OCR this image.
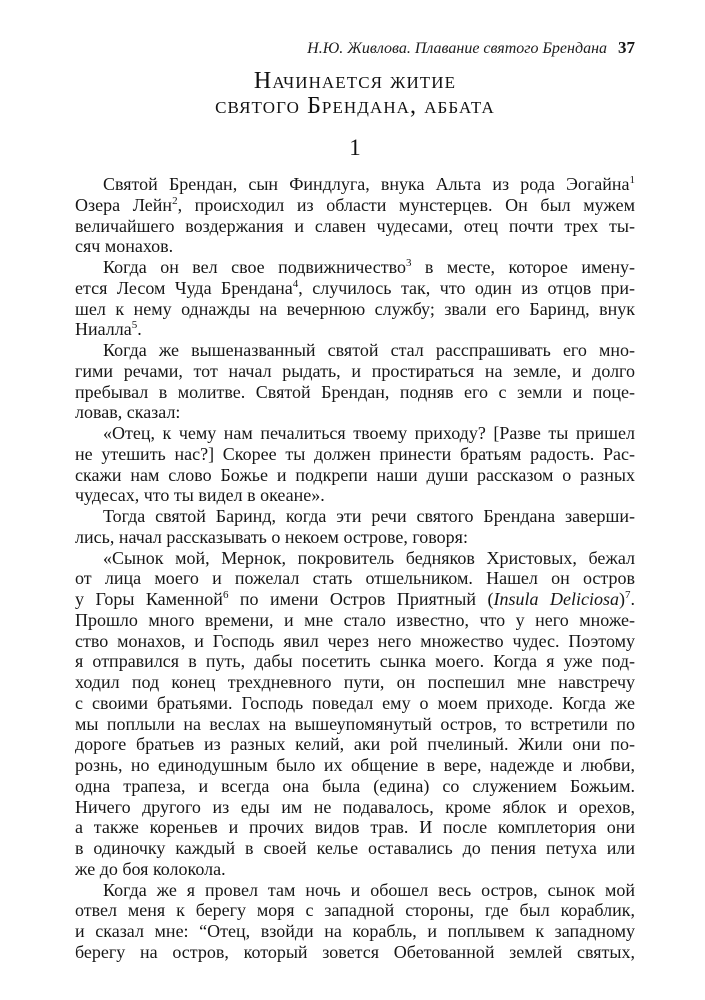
Н.Ю. Живлова. Плавание святого Брендана 37
Начинается житие
святого Брендана, аббата
1
Святой Брендан, сын Финдлуга, внука Альта из рода Эогайна$^1$
Озера Лейн$^2$, происходил из области мунстерцев. Он был мужем
величайшего воздержания и славен чудесами, отец почти трех ты-
сяч монахов.
Когда он вел свое подвижничество$^3$ в месте, которое имену-
ется Лесом Чуда Брендана$^4$, случилось так, что один из отцов при-
шел к нему однажды на вечернюю службу; звали его Баринд, внук
Ниалла$^5$.
Когда же вышеназванный святой стал расспрашивать его мно-
гими речами, тот начал рыдать, и простираться на земле, и долго
пребывал в молитве. Святой Брендан, подняв его с земли и поце-
ловав, сказал:
«Отец, к чему нам печалиться твоему приходу? [Разве ты пришел
не утешить нас?] Скорее ты должен принести братьям радость. Рас-
скажи нам слово Божье и подкрепи наши души рассказом о разных
чудесах, что ты видел в океане».
Тогда святой Баринд, когда эти речи святого Брендана заверши-
лись, начал рассказывать о некоем острове, говоря:
«Сынок мой, Мернок, покровитель бедняков Христовых, бежал
от лица моего и пожелал стать отшельником. Нашел он остров
у Горы Каменной$^6$ по имени Остров Приятный (Insula Deliciosa)$^7$.
Прошло много времени, и мне стало известно, что у него множе-
ство монахов, и Господь явил через него множество чудес. Поэтому
я отправился в путь, дабы посетить сынка моего. Когда я уже под-
ходил под конец трехдневного пути, он поспешил мне навстречу
с своими братьями. Господь поведал ему о моем приходе. Когда же
мы поплыли на веслах на вышеупомянутый остров, то встретили по
дороге братьев из разных келий, аки рой пчелиный. Жили они по-
рознь, но единодушным было их общение в вере, надежде и любви,
одна трапеза, и всегда она была (едина) со служением Божьим.
Ничего другого из еды им не подавалось, кроме яблок и орехов,
а также кореньев и прочих видов трав. И после комплетория они
в одиночку каждый в своей келье оставались до пения петуха или
же до боя колокола.
Когда же я провел там ночь и обошел весь остров, сынок мой
отвел меня к берегу моря с западной стороны, где был кораблик,
и сказал мне: “Отец, взойди на корабль, и поплывем к западному
берегу на остров, который зовется Обетованной землей святых,
